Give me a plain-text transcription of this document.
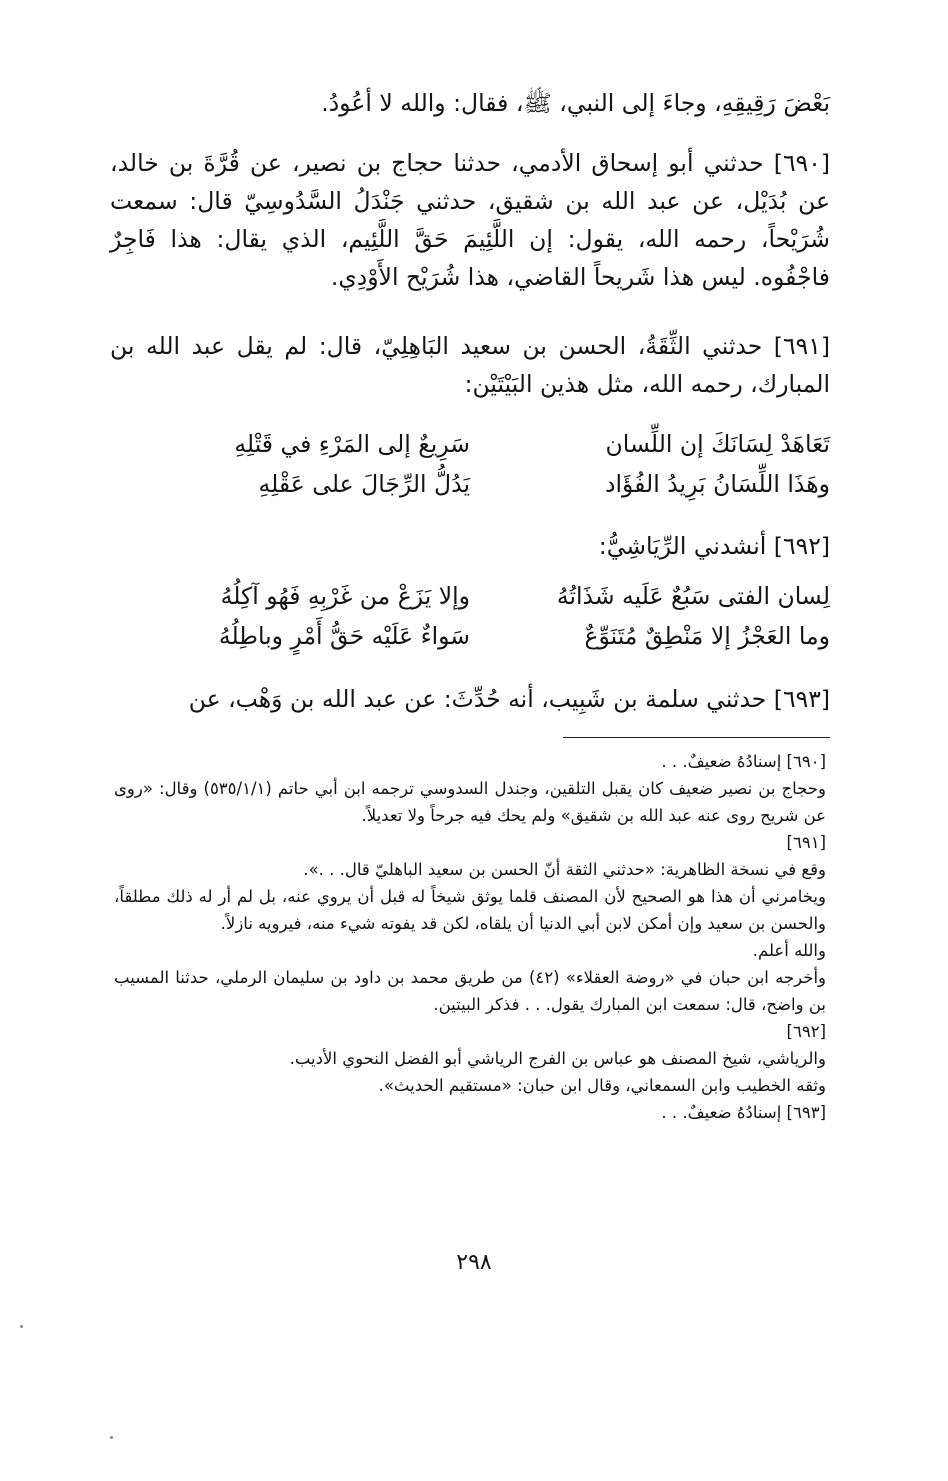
بَعْضَ رَقِيقِهِ، وجاءَ إلى النبي، ﷺ، فقال: والله لا أعُودُ.

[٦٩٠] حدثني أبو إسحاق الأدمي، حدثنا حجاج بن نصير، عن قُرَّةَ بن خالد، عن بُدَيْل، عن عبد الله بن شقيق، حدثني جَنْدَلُ السَّدُوسِيّ قال: سمعت شُرَيْحاً، رحمه الله، يقول: إن اللَّئِيمَ حَقَّ اللَّئِيم، الذي يقال: هذا فَاجِرٌ فاجْفُوه. ليس هذا شَريحاً القاضي، هذا شُرَيْح الأَوْدِي.

[٦٩١] حدثني الثِّقَةُ، الحسن بن سعيد البَاهِلِيّ، قال: لم يقل عبد الله بن المبارك، رحمه الله، مثل هذين البَيْتَيْن:

تَعَاهَدْ لِسَانَكَ إن اللِّسان
سَرِيعٌ إلى المَرْءِ في قَتْلِهِ
وهَذَا اللِّسَانُ بَرِيدُ الفُؤَاد
يَدُلُّ الرِّجَالَ على عَقْلِهِ
[٦٩٢] أنشدني الرِّيَاشِيُّ:
لِسان الفتى سَبُعٌ عَلَيه شَذَاتُهُ
وإلا يَزَعْ من غَرْبِهِ فَهُو آكِلُهُ
وما العَجْزُ إلا مَنْطِقٌ مُتَنَوِّعٌ
سَواءٌ عَلَيْه حَقُّ أَمْرٍ وباطِلُهُ

[٦٩٣] حدثني سلمة بن شَبِيب، أنه حُدِّثَ: عن عبد الله بن وَهْب، عن

[٦٩٠] إسنادُهُ ضعيفٌ. . .

وحجاج بن نصير ضعيف كان يقبل التلقين، وجندل السدوسي ترجمه ابن أبي حاتم (٥٣٥/١/١) وقال: «روى عن شريح روى عنه عبد الله بن شقيق» ولم يحك فيه جرحاً ولا تعديلاً.

[٦٩١]

وقع في نسخة الظاهرية: «حدثني الثقة أنّ الحسن بن سعيد الباهليّ قال. . .».

ويخامرني أن هذا هو الصحيح لأن المصنف قلما يوثق شيخاً له قبل أن يروي عنه، بل لم أر له ذلك مطلقاً، والحسن بن سعيد وإن أمكن لابن أبي الدنيا أن يلقاه، لكن قد يفوته شيء منه، فيرويه نازلاً.

والله أعلم.

وأخرجه ابن حبان في «روضة العقلاء» (٤٢) من طريق محمد بن داود بن سليمان الرملي، حدثنا المسيب بن واضح، قال: سمعت ابن المبارك يقول. . . فذكر البيتين.

[٦٩٢]

والرياشي، شيخ المصنف هو عباس بن الفرج الرياشي أبو الفضل النحوي الأديب.

وثقه الخطيب وابن السمعاني، وقال ابن حبان: «مستقيم الحديث».

[٦٩٣] إسنادُهُ ضعيفٌ. . .

٢٩٨
